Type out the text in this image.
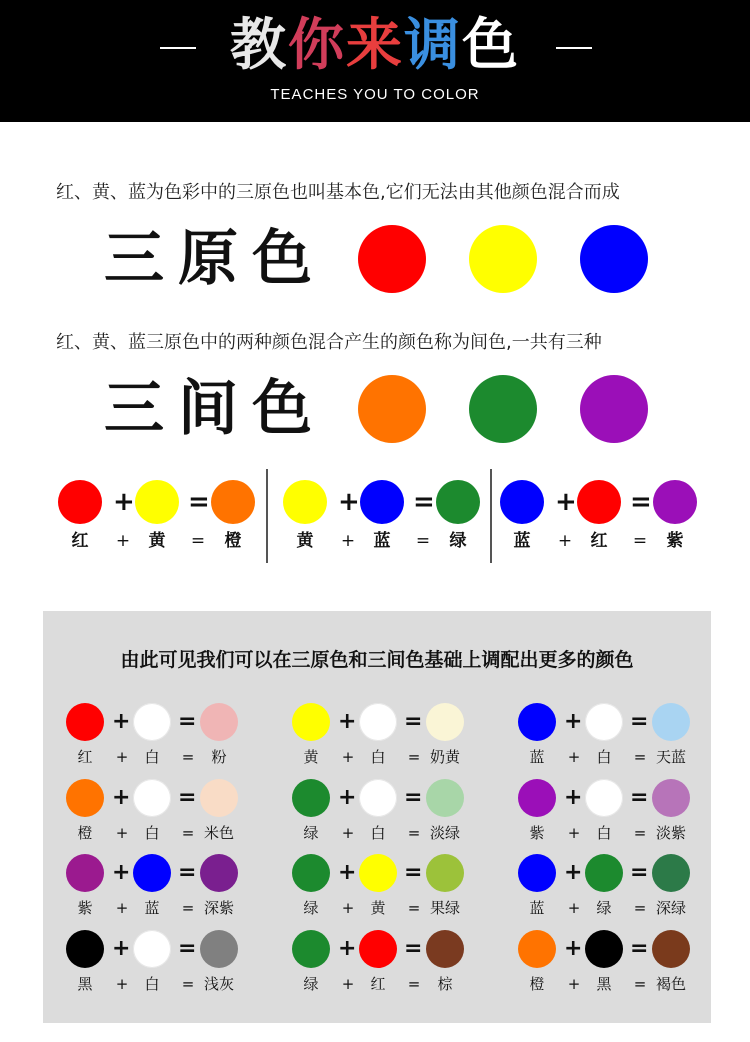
教你来调色
TEACHES YOU TO COLOR
红、黄、蓝为色彩中的三原色也叫基本色,它们无法由其他颜色混合而成
三原色
红、黄、蓝三原色中的两种颜色混合产生的颜色称为间色,一共有三种
三间色
+ =
红	+	黄	=	橙
+ =
黄	+	蓝	=	绿
+ =
蓝	+	红	=	紫
由此可见我们可以在三原色和三间色基础上调配出更多的颜色
+ =
红	+	白	=	粉
+ =
黄	+	白	= 奶黄
+ =
蓝	+	白	= 天蓝
+ =
橙	+	白	= 米色
+ =
绿	+	白	= 淡绿
+ =
紫	+	白	= 淡紫
+ =
紫	+	蓝	= 深紫
+ =
绿	+	黄	= 果绿
+ =
蓝	+	绿	= 深绿
+ =
黑	+	白	= 浅灰
+ =
绿	+	红	=	棕
+ =
橙	+	黑	= 褐色
